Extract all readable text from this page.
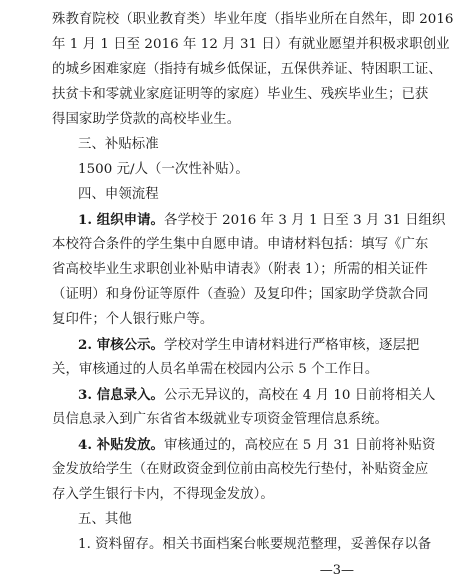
殊教育院校（职业教育类）毕业年度（指毕业所在自然年，即 2016
年 1 月 1 日至 2016 年 12 月 31 日）有就业愿望并积极求职创业
的城乡困难家庭（指持有城乡低保证，五保供养证、特困职工证、
扶贫卡和零就业家庭证明等的家庭）毕业生、残疾毕业生；已获
得国家助学贷款的高校毕业生。
三、补贴标准
1500 元/人（一次性补贴）。
四、申领流程
1. 组织申请。各学校于 2016 年 3 月 1 日至 3 月 31 日组织
本校符合条件的学生集中自愿申请。申请材料包括：填写《广东
省高校毕业生求职创业补贴申请表》（附表 1）；所需的相关证件
（证明）和身份证等原件（查验）及复印件；国家助学贷款合同
复印件；个人银行账户等。
2. 审核公示。学校对学生申请材料进行严格审核，逐层把
关，审核通过的人员名单需在校园内公示 5 个工作日。
3. 信息录入。公示无异议的，高校在 4 月 10 日前将相关人
员信息录入到广东省省本级就业专项资金管理信息系统。
4. 补贴发放。审核通过的，高校应在 5 月 31 日前将补贴资
金发放给学生（在财政资金到位前由高校先行垫付，补贴资金应
存入学生银行卡内，不得现金发放）。
五、其他
1. 资料留存。相关书面档案台帐要规范整理，妥善保存以备
—3—
